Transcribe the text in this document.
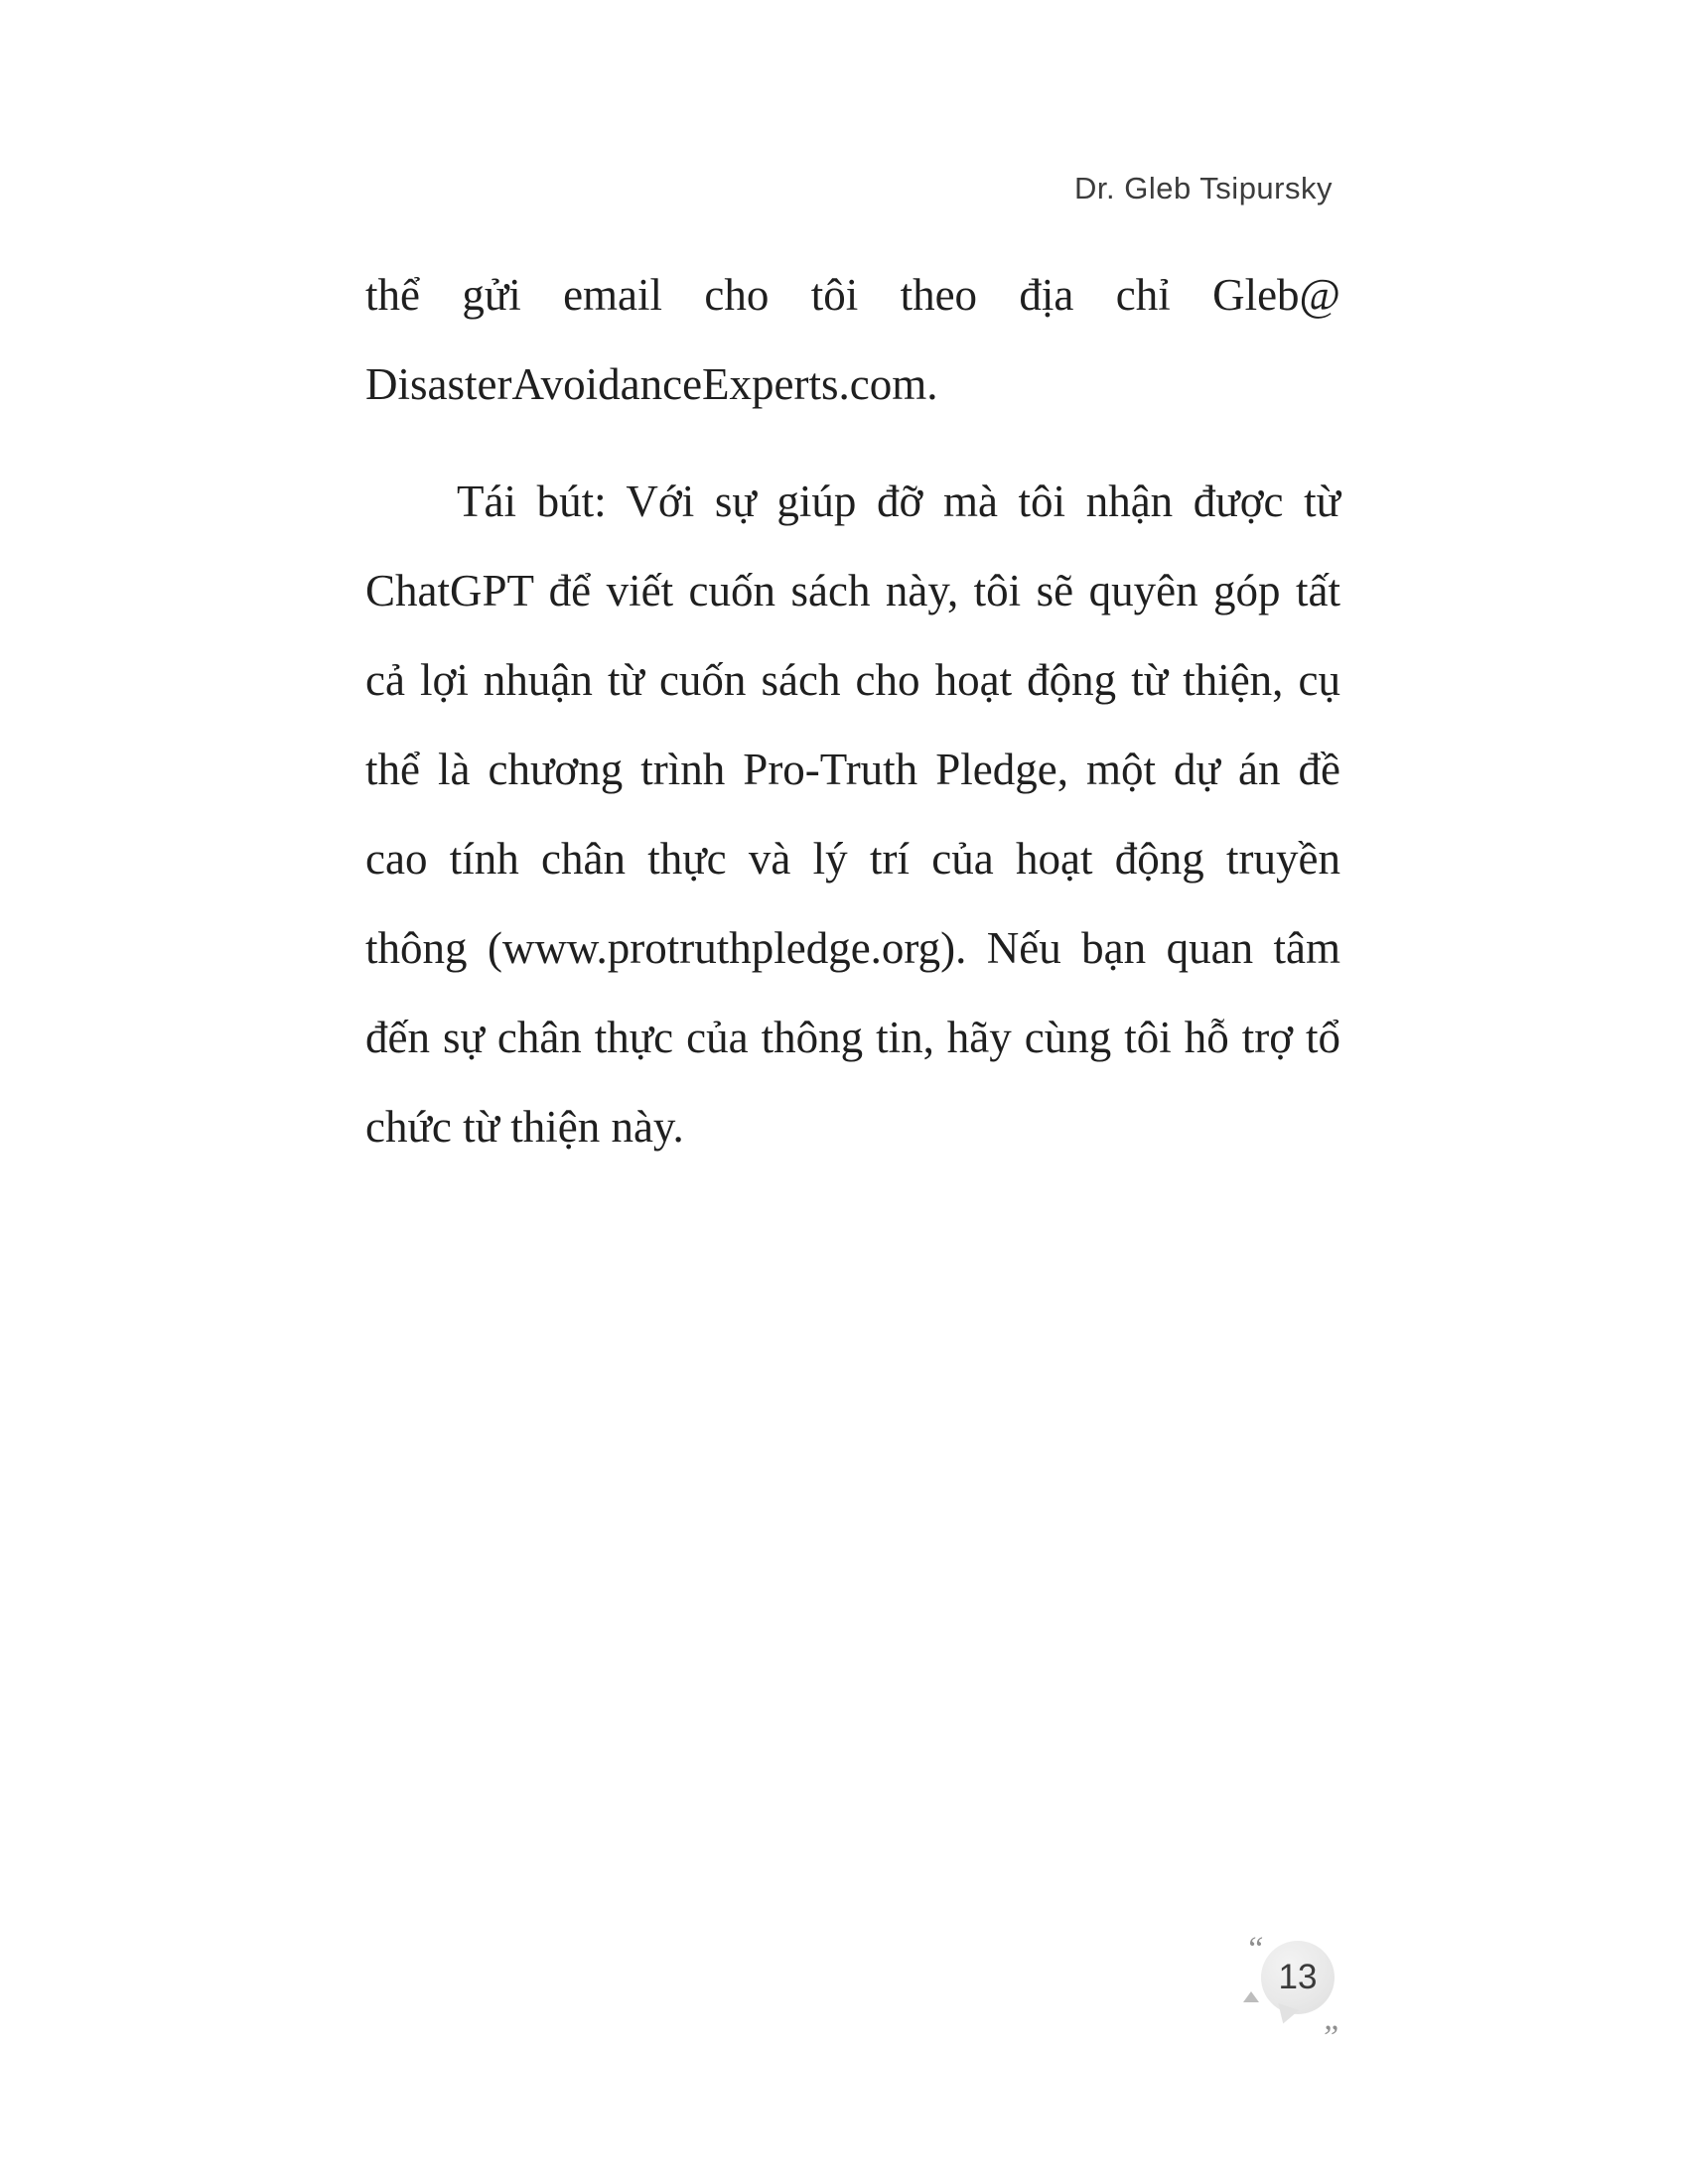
Dr. Gleb Tsipursky

thể gửi email cho tôi theo địa chỉ Gleb@ DisasterAvoidanceExperts.com.

Tái bút: Với sự giúp đỡ mà tôi nhận được từ ChatGPT để viết cuốn sách này, tôi sẽ quyên góp tất cả lợi nhuận từ cuốn sách cho hoạt động từ thiện, cụ thể là chương trình Pro-Truth Pledge, một dự án đề cao tính chân thực và lý trí của hoạt động truyền thông (www.protruthpledge.org). Nếu bạn quan tâm đến sự chân thực của thông tin, hãy cùng tôi hỗ trợ tổ chức từ thiện này.

“
13
„
